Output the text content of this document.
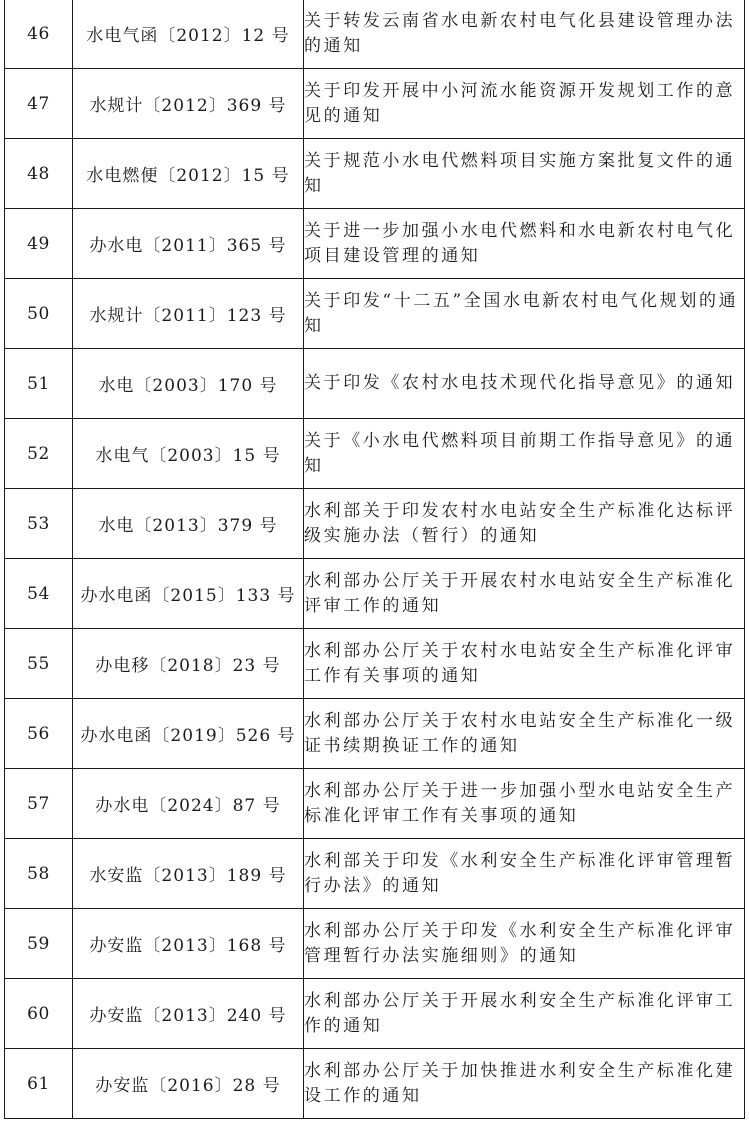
46	水电气函〔2012〕12 号	关于转发云南省水电新农村电气化县建设管理办法的通知
47	水规计〔2012〕369 号	关于印发开展中小河流水能资源开发规划工作的意见的通知
48	水电燃便〔2012〕15 号	关于规范小水电代燃料项目实施方案批复文件的通知
49	办水电〔2011〕365 号	关于进一步加强小水电代燃料和水电新农村电气化项目建设管理的通知
50	水规计〔2011〕123 号	关于印发“十二五”全国水电新农村电气化规划的通知
51	水电〔2003〕170 号	关于印发《农村水电技术现代化指导意见》的通知
52	水电气〔2003〕15 号	关于《小水电代燃料项目前期工作指导意见》的通知
53	水电〔2013〕379 号	水利部关于印发农村水电站安全生产标准化达标评级实施办法（暂行）的通知
54	办水电函〔2015〕133 号	水利部办公厅关于开展农村水电站安全生产标准化评审工作的通知
55	办电移〔2018〕23 号	水利部办公厅关于农村水电站安全生产标准化评审工作有关事项的通知
56	办水电函〔2019〕526 号	水利部办公厅关于农村水电站安全生产标准化一级证书续期换证工作的通知
57	办水电〔2024〕87 号	水利部办公厅关于进一步加强小型水电站安全生产标准化评审工作有关事项的通知
58	水安监〔2013〕189 号	水利部关于印发《水利安全生产标准化评审管理暂行办法》的通知
59	办安监〔2013〕168 号	水利部办公厅关于印发《水利安全生产标准化评审管理暂行办法实施细则》的通知
60	办安监〔2013〕240 号	水利部办公厅关于开展水利安全生产标准化评审工作的通知
61	办安监〔2016〕28 号	水利部办公厅关于加快推进水利安全生产标准化建设工作的通知
